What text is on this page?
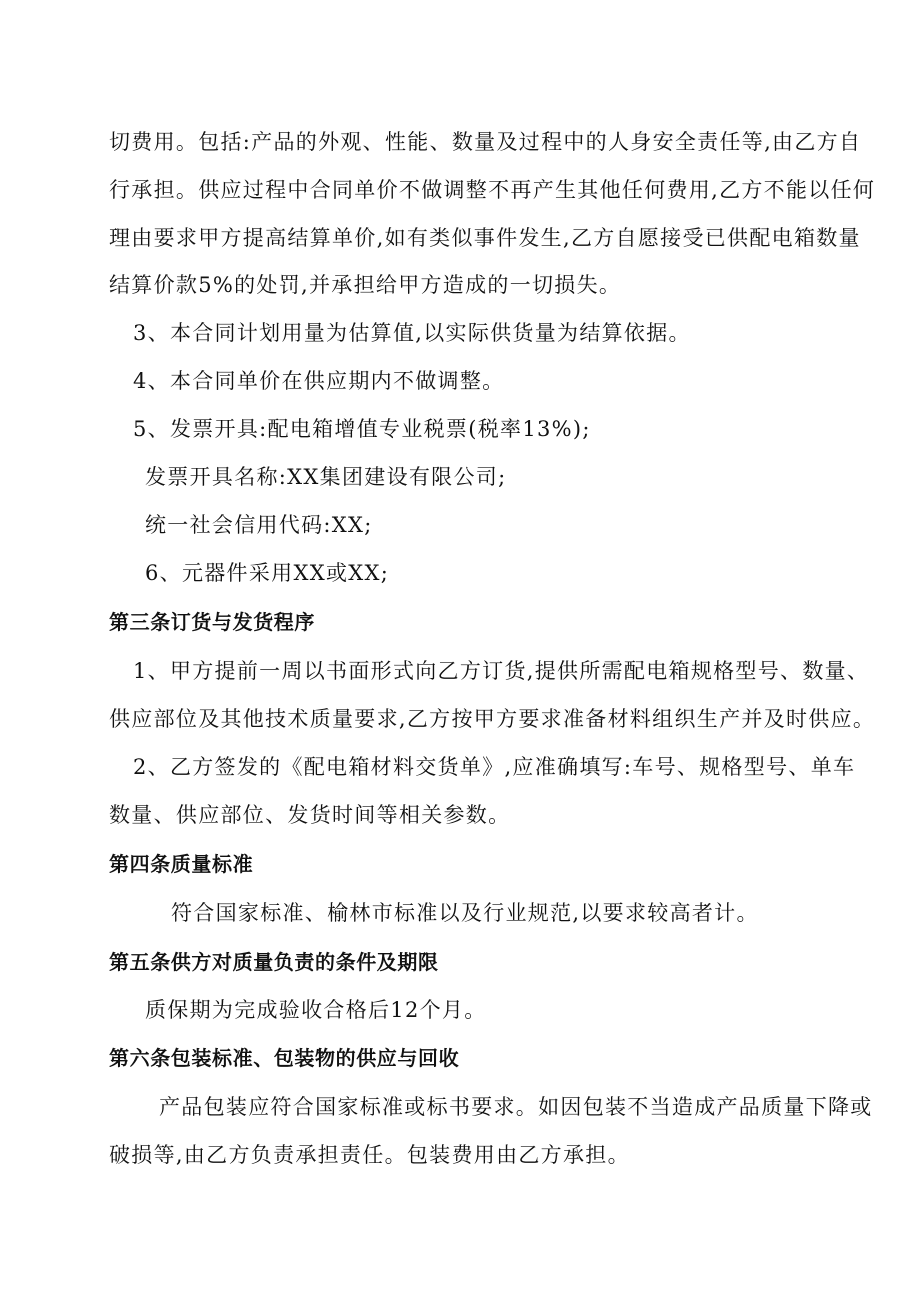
切费用。包括:产品的外观、性能、数量及过程中的人身安全责任等,由乙方自
行承担。供应过程中合同单价不做调整不再产生其他任何费用,乙方不能以任何
理由要求甲方提高结算单价,如有类似事件发生,乙方自愿接受已供配电箱数量
结算价款5%的处罚,并承担给甲方造成的一切损失。
3、本合同计划用量为估算值,以实际供货量为结算依据。
4、本合同单价在供应期内不做调整。
5、发票开具:配电箱增值专业税票(税率13%);
发票开具名称:XX集团建设有限公司;
统一社会信用代码:XX;
6、元器件采用XX或XX;
第三条订货与发货程序
1、甲方提前一周以书面形式向乙方订货,提供所需配电箱规格型号、数量、
供应部位及其他技术质量要求,乙方按甲方要求准备材料组织生产并及时供应。
2、乙方签发的《配电箱材料交货单》,应准确填写:车号、规格型号、单车
数量、供应部位、发货时间等相关参数。
第四条质量标准
符合国家标准、榆林市标准以及行业规范,以要求较高者计。
第五条供方对质量负责的条件及期限
质保期为完成验收合格后12个月。
第六条包装标准、包装物的供应与回收
产品包装应符合国家标准或标书要求。如因包装不当造成产品质量下降或
破损等,由乙方负责承担责任。包装费用由乙方承担。
